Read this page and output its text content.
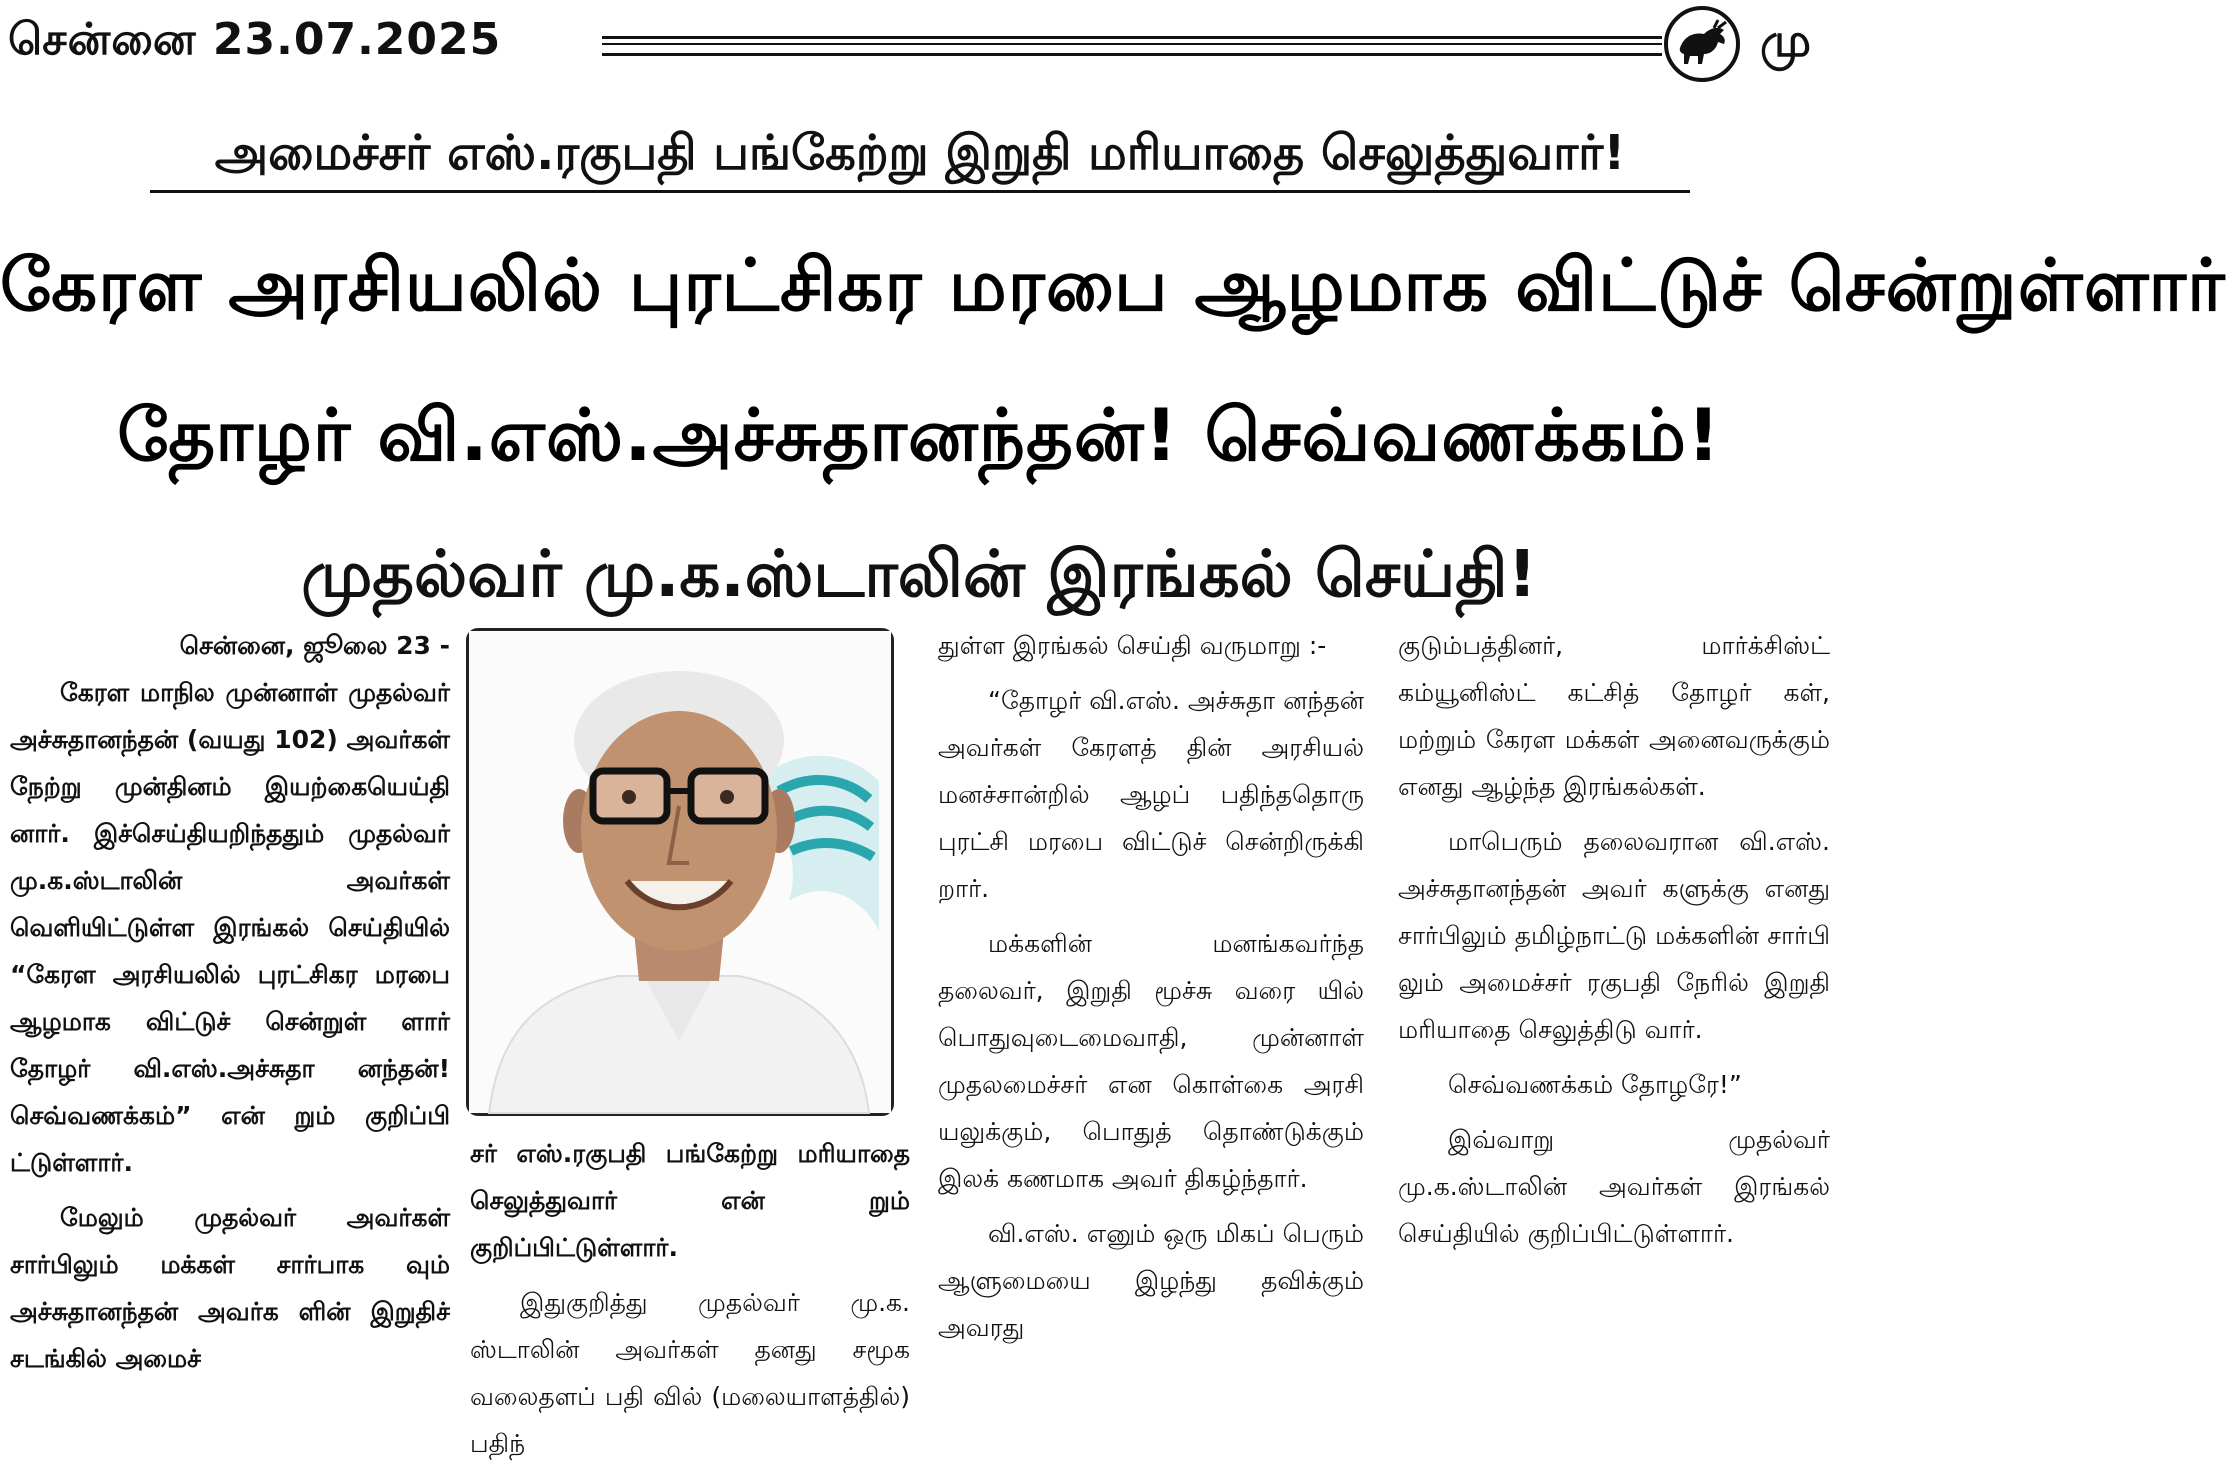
சென்னை 23.07.2025	மு
அமைச்சர் எஸ்.ரகுபதி பங்கேற்று இறுதி மரியாதை செலுத்துவார்!
கேரள அரசியலில் புரட்சிகர மரபை ஆழமாக விட்டுச் சென்றுள்ளார்
தோழர் வி.எஸ்.அச்சுதானந்தன்! செவ்வணக்கம்!
முதல்வர் மு.க.ஸ்டாலின் இரங்கல் செய்தி!

சென்னை, ஜூலை 23 -

கேரள மாநில முன்னாள் முதல்வர் அச்சுதானந்தன் (வயது 102) அவர்கள் நேற்று முன்தினம் இயற்கையெய்தி னார். இச்செய்தியறிந்ததும் முதல்வர் மு.க.ஸ்டாலின் அவர்கள் வெளியிட்டுள்ள இரங்கல் செய்தியில் “கேரள அரசியலில் புரட்சிகர மரபை ஆழமாக விட்டுச் சென்றுள் ளார் தோழர் வி.எஸ்.அச்சுதா னந்தன்! செவ்வணக்கம்” என் றும் குறிப்பி ட்டுள்ளார்.

மேலும் முதல்வர் அவர்கள் சார்பிலும் மக்கள் சார்பாக வும் அச்சுதானந்தன் அவர்க ளின் இறுதிச் சடங்கில் அமைச்

சர் எஸ்.ரகுபதி பங்கேற்று மரியாதை செலுத்துவார் என் றும் குறிப்பிட்டுள்ளார்.

இதுகுறித்து முதல்வர் மு.க. ஸ்டாலின் அவர்கள் தனது சமூக வலைதளப் பதி வில் (மலையாளத்தில்) பதிந்

துள்ள இரங்கல் செய்தி வருமாறு :-

“தோழர் வி.எஸ். அச்சுதா னந்தன் அவர்கள் கேரளத் தின் அரசியல் மனச்சான்றில் ஆழப் பதிந்ததொரு புரட்சி மரபை விட்டுச் சென்றிருக்கி றார்.

மக்களின் மனங்கவர்ந்த தலைவர், இறுதி மூச்சு வரை யில் பொதுவுடைமைவாதி, முன்னாள் முதலமைச்சர் என கொள்கை அரசி யலுக்கும், பொதுத் தொண்டுக்கும் இலக் கணமாக அவர் திகழ்ந்தார்.

வி.எஸ். எனும் ஒரு மிகப் பெரும் ஆளுமையை இழந்து தவிக்கும் அவரது

குடும்பத்தினர், மார்க்சிஸ்ட் கம்யூனிஸ்ட் கட்சித் தோழர் கள், மற்றும் கேரள மக்கள் அனைவருக்கும் எனது ஆழ்ந்த இரங்கல்கள்.

மாபெரும் தலைவரான வி.எஸ். அச்சுதானந்தன் அவர் களுக்கு எனது சார்பிலும் தமிழ்நாட்டு மக்களின் சார்பி லும் அமைச்சர் ரகுபதி நேரில் இறுதி மரியாதை செலுத்திடு வார்.

செவ்வணக்கம் தோழரே!”

இவ்வாறு முதல்வர் மு.க.ஸ்டாலின் அவர்கள் இரங்கல் செய்தியில் குறிப்பிட்டுள்ளார்.
